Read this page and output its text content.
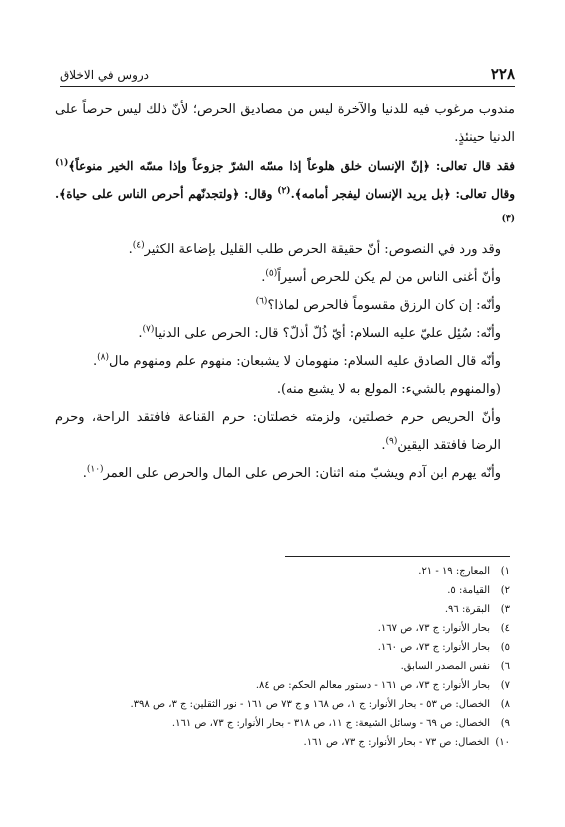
٢٢٨
دروس في الاخلاق

مندوب مرغوب فيه للدنيا والآخرة ليس من مصاديق الحرص؛ لأنّ ذلك ليس حرصاً على الدنيا حينئذٍ.

فقد قال تعالى: ﴿إنّ الإنسان خلق هلوعاً إذا مسّه الشرّ جزوعاً وإذا مسّه الخير منوعاً﴾$^{(١)}$ وقال تعالى: ﴿بل يريد الإنسان ليفجر أمامه﴾.$^{(٢)}$ وقال: ﴿ولتجدنّهم أحرص الناس على حياة﴾.$^{(٣)}$

وقد ورد في النصوص: أنّ حقيقة الحرص طلب القليل بإضاعة الكثير$^{(٤)}$.

وأنّ أغنى الناس من لم يكن للحرص أسيراً$^{(٥)}$.

وأنّه: إن كان الرزق مقسوماً فالحرص لماذا؟$^{(٦)}$

وأنّه: سُئِل عليّ عليه السلام: أيّ ذُلّ أذلّ؟ قال: الحرص على الدنيا$^{(٧)}$.

وأنّه قال الصادق عليه السلام: منهومان لا يشبعان: منهوم علم ومنهوم مال$^{(٨)}$.

(والمنهوم بالشيء: المولع به لا يشبع منه).

وأنّ الحريص حرم خصلتين، ولزمته خصلتان: حرم القناعة فافتقد الراحة، وحرم الرضا فافتقد اليقين$^{(٩)}$.

وأنّه يهرم ابن آدم ويشبّ منه اثنان: الحرص على المال والحرص على العمر$^{(١٠)}$.

١)
المعارج: ١٩ - ٢١.
٢)
القيامة: ٥.
٣)
البقرة: ٩٦.
٤)
بحار الأنوار: ج ٧٣، ص ١٦٧.
٥)
بحار الأنوار: ج ٧٣، ص ١٦٠.
٦)
نفس المصدر السابق.
٧)
بحار الأنوار: ج ٧٣، ص ١٦١ - دستور معالم الحكم: ص ٨٤.
٨)
الخصال: ص ٥٣ - بحار الأنوار: ج ١، ص ١٦٨ و ج ٧٣ ص ١٦١ - نور الثقلين: ج ٣، ص ٣٩٨.
٩)
الخصال: ص ٦٩ - وسائل الشيعة: ج ١١، ص ٣١٨ - بحار الأنوار: ج ٧٣، ص ١٦١.
١٠)
الخصال: ص ٧٣ - بحار الأنوار: ج ٧٣، ص ١٦١.
